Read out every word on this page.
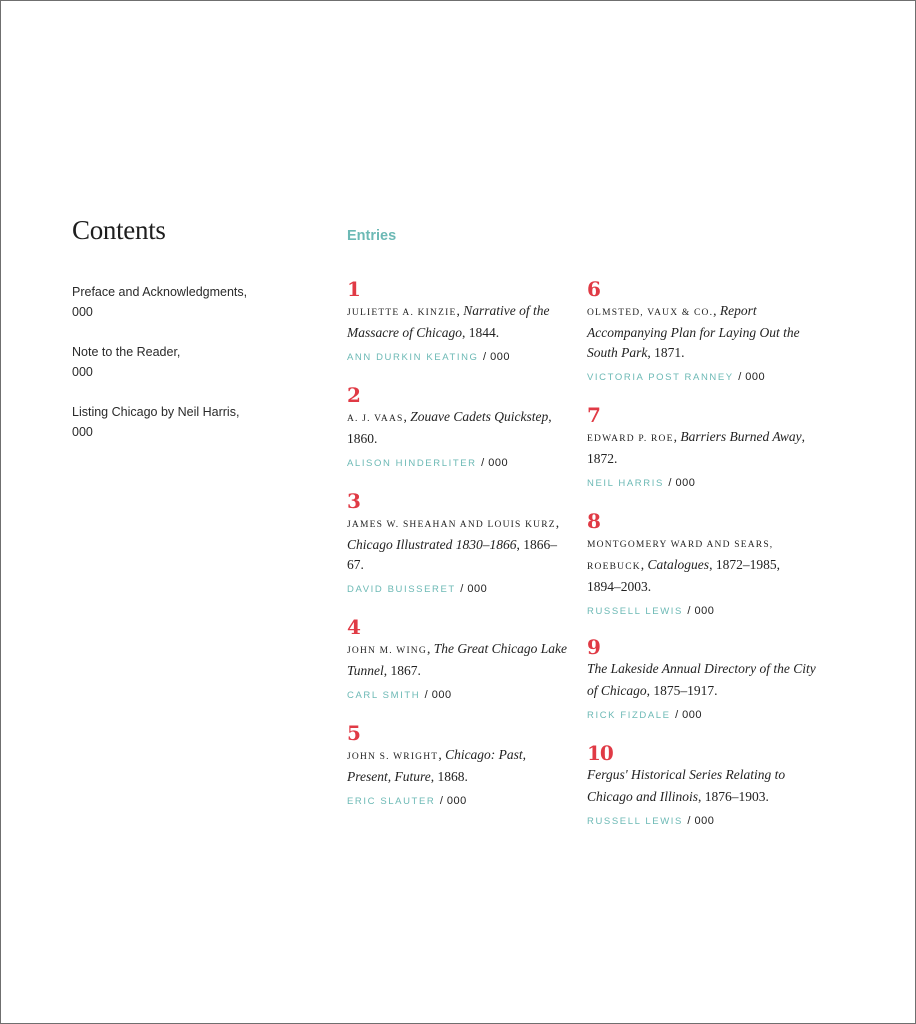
Contents
Preface and Acknowledgments,
000
Note to the Reader,
000
Listing Chicago by Neil Harris,
000
Entries
1
JULIETTE A. KINZIE, Narrative of the Massacre of Chicago, 1844.
ANN DURKIN KEATING / 000
2
A. J. VAAS, Zouave Cadets Quickstep, 1860.
ALISON HINDERLITER / 000
3
JAMES W. SHEAHAN AND LOUIS KURZ, Chicago Illustrated 1830–1866, 1866–67.
DAVID BUISSERET / 000
4
JOHN M. WING, The Great Chicago Lake Tunnel, 1867.
CARL SMITH / 000
5
JOHN S. WRIGHT, Chicago: Past, Present, Future, 1868.
ERIC SLAUTER / 000
6
OLMSTED, VAUX & CO., Report Accompanying Plan for Laying Out the South Park, 1871.
VICTORIA POST RANNEY / 000
7
EDWARD P. ROE, Barriers Burned Away, 1872.
NEIL HARRIS / 000
8
MONTGOMERY WARD AND SEARS, ROEBUCK, Catalogues, 1872–1985, 1894–2003.
RUSSELL LEWIS / 000
9
The Lakeside Annual Directory of the City of Chicago, 1875–1917.
RICK FIZDALE / 000
10
Fergus' Historical Series Relating to Chicago and Illinois, 1876–1903.
RUSSELL LEWIS / 000
